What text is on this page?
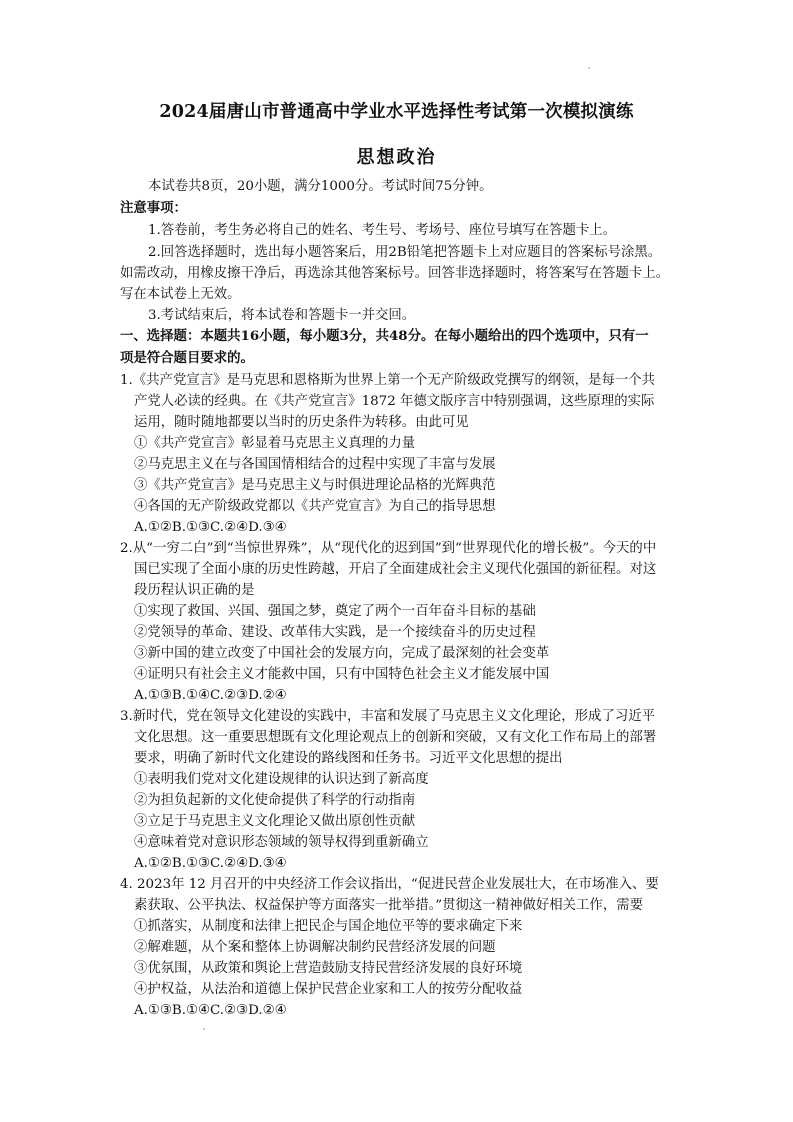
2024届唐山市普通高中学业水平选择性考试第一次模拟演练
思想政治
本试卷共8页，20小题，满分1000分。考试时间75分钟。
注意事项：
1.答卷前，考生务必将自己的姓名、考生号、考场号、座位号填写在答题卡上。
2.回答选择题时，选出每小题答案后，用2B铅笔把答题卡上对应题目的答案标号涂黑。
如需改动，用橡皮擦干净后，再选涂其他答案标号。回答非选择题时，将答案写在答题卡上。
写在本试卷上无效。
3.考试结束后，将本试卷和答题卡一并交回。
一、选择题：本题共16小题，每小题3分，共48分。在每小题给出的四个选项中，只有一
项是符合题目要求的。
1.《共产党宣言》是马克思和恩格斯为世界上第一个无产阶级政党撰写的纲领，是每一个共
产党人必读的经典。在《共产党宣言》1872 年德文版序言中特别强调，这些原理的实际
运用，随时随地都要以当时的历史条件为转移。由此可见
①《共产党宣言》彰显着马克思主义真理的力量
②马克思主义在与各国国情相结合的过程中实现了丰富与发展
③《共产党宣言》是马克思主义与时俱进理论品格的光辉典范
④各国的无产阶级政党都以《共产党宣言》为自己的指导思想
A.①②B.①③C.②④D.③④
2.从“一穷二白”到“当惊世界殊”，从“现代化的迟到国”到“世界现代化的增长极”。今天的中
国已实现了全面小康的历史性跨越，开启了全面建成社会主义现代化强国的新征程。对这
段历程认识正确的是
①实现了救国、兴国、强国之梦，奠定了两个一百年奋斗目标的基础
②党领导的革命、建设、改革伟大实践，是一个接续奋斗的历史过程
③新中国的建立改变了中国社会的发展方向，完成了最深刻的社会变革
④证明只有社会主义才能救中国，只有中国特色社会主义才能发展中国
A.①③B.①④C.②③D.②④
3.新时代，党在领导文化建设的实践中，丰富和发展了马克思主义文化理论，形成了习近平
文化思想。这一重要思想既有文化理论观点上的创新和突破，又有文化工作布局上的部署
要求，明确了新时代文化建设的路线图和任务书。习近平文化思想的提出
①表明我们党对文化建设规律的认识达到了新高度
②为担负起新的文化使命提供了科学的行动指南
③立足于马克思主义文化理论又做出原创性贡献
④意味着党对意识形态领域的领导权得到重新确立
A.①②B.①③C.②④D.③④
4. 2023年 12 月召开的中央经济工作会议指出，“促进民营企业发展壮大，在市场准入、要
素获取、公平执法、权益保护等方面落实一批举措。”贯彻这一精神做好相关工作，需要
①抓落实，从制度和法律上把民企与国企地位平等的要求确定下来
②解难题，从个案和整体上协调解决制约民营经济发展的问题
③优氛围，从政策和舆论上营造鼓励支持民营经济发展的良好环境
④护权益，从法治和道德上保护民营企业家和工人的按劳分配收益
A.①③B.①④C.②③D.②④
